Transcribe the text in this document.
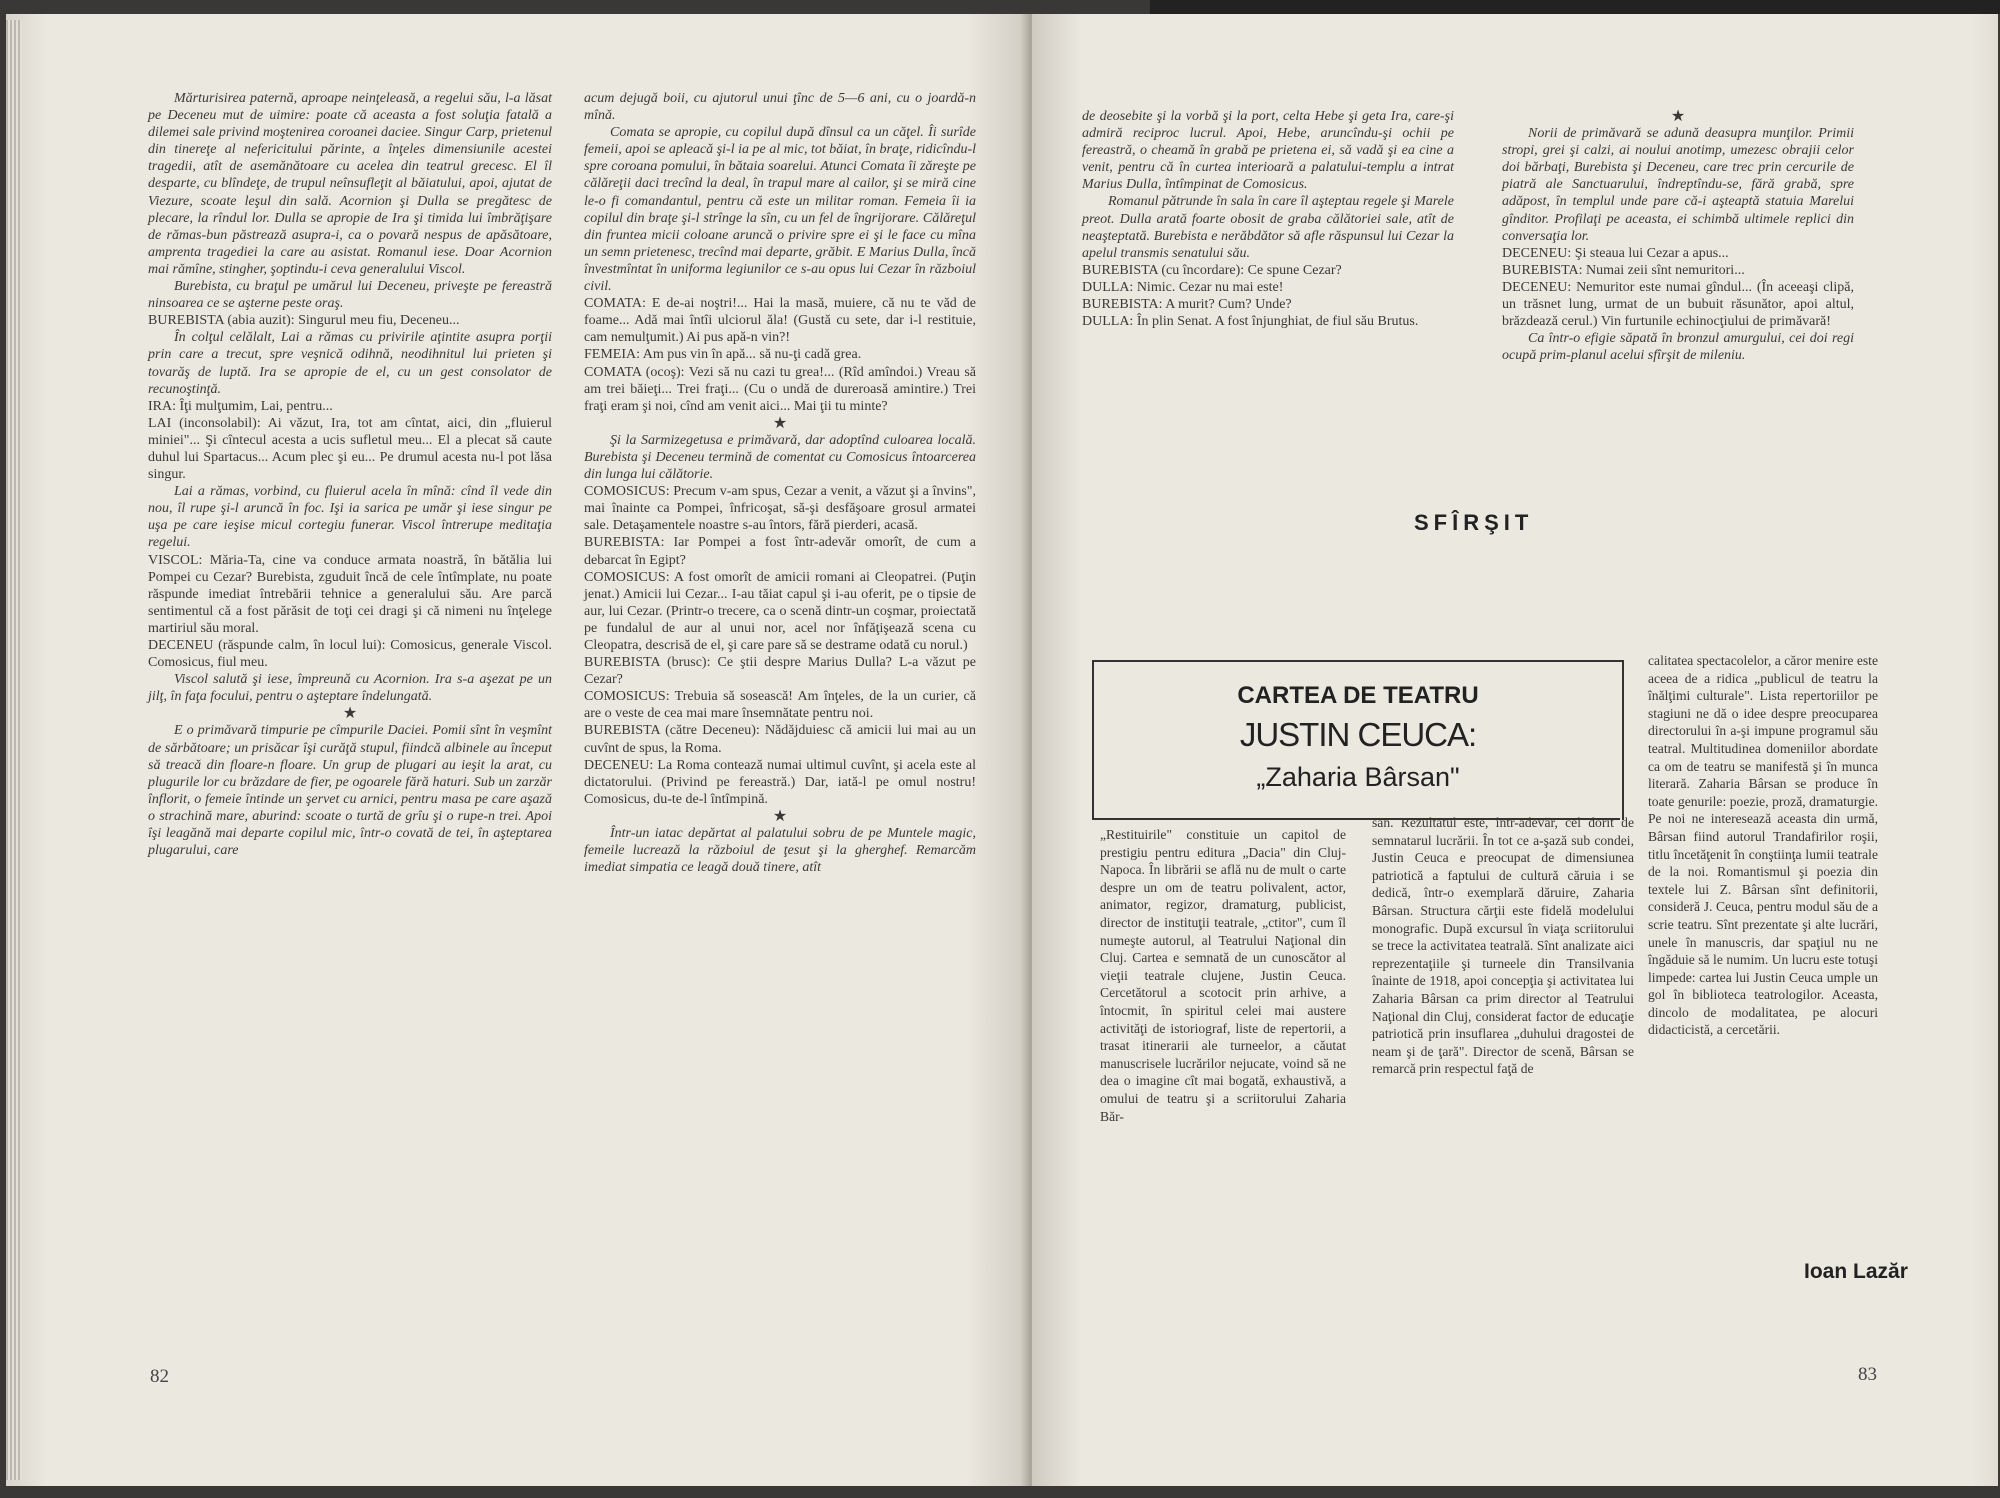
Mărturisirea paternă, aproape neinţeleasă, a regelui său, l-a lăsat pe Deceneu mut de uimire: poate că aceasta a fost soluţia fatală a dilemei sale privind moştenirea coroanei daciee. Singur Carp, prietenul din tinereţe al nefericitului părinte, a înţeles dimensiunile acestei tragedii, atît de asemănătoare cu acelea din teatrul grecesc. El îl desparte, cu blîndeţe, de trupul neînsufleţit al băiatului, apoi, ajutat de Viezure, scoate leşul din sală. Acornion şi Dulla se pregătesc de plecare, la rîndul lor. Dulla se apropie de Ira şi timida lui îmbrăţişare de rămas-bun păstrează asupra-i, ca o povară nespus de apăsătoare, amprenta tragediei la care au asistat. Romanul iese. Doar Acornion mai rămîne, stingher, şoptindu-i ceva generalului Viscol.

Burebista, cu braţul pe umărul lui Deceneu, priveşte pe fereastră ninsoarea ce se aşterne peste oraş.

BUREBISTA (abia auzit): Singurul meu fiu, Deceneu...

În colţul celălalt, Lai a rămas cu privirile aţintite asupra porţii prin care a trecut, spre veşnică odihnă, neodihnitul lui prieten şi tovarăş de luptă. Ira se apropie de el, cu un gest consolator de recunoştinţă.

IRA: Îţi mulţumim, Lai, pentru...

LAI (inconsolabil): Ai văzut, Ira, tot am cîntat, aici, din „fluierul miniei"... Şi cîntecul acesta a ucis sufletul meu... El a plecat să caute duhul lui Spartacus... Acum plec şi eu... Pe drumul acesta nu-l pot lăsa singur.

Lai a rămas, vorbind, cu fluierul acela în mînă: cînd îl vede din nou, îl rupe şi-l aruncă în foc. Işi ia sarica pe umăr şi iese singur pe uşa pe care ieşise micul cortegiu funerar. Viscol întrerupe meditaţia regelui.

VISCOL: Măria-Ta, cine va conduce armata noastră, în bătălia lui Pompei cu Cezar? Burebista, zguduit încă de cele întîmplate, nu poate răspunde imediat întrebării tehnice a generalului său. Are parcă sentimentul că a fost părăsit de toţi cei dragi şi că nimeni nu înţelege martiriul său moral.

DECENEU (răspunde calm, în locul lui): Comosicus, generale Viscol. Comosicus, fiul meu.

Viscol salută şi iese, împreună cu Acornion. Ira s-a aşezat pe un jilţ, în faţa focului, pentru o aşteptare îndelungată.

★

E o primăvară timpurie pe cîmpurile Daciei. Pomii sînt în veşmînt de sărbătoare; un prisăcar îşi curăţă stupul, fiindcă albinele au început să treacă din floare-n floare. Un grup de plugari au ieşit la arat, cu plugurile lor cu brăzdare de fier, pe ogoarele fără haturi. Sub un zarzăr înflorit, o femeie întinde un şervet cu arnici, pentru masa pe care aşază o strachină mare, aburind: scoate o turtă de grîu şi o rupe-n trei. Apoi îşi leagănă mai departe copilul mic, într-o covată de tei, în aşteptarea plugarului, care

acum dejugă boii, cu ajutorul unui ţînc de 5—6 ani, cu o joardă-n mînă.

Comata se apropie, cu copilul după dînsul ca un căţel. Îi surîde femeii, apoi se apleacă şi-l ia pe al mic, tot băiat, în braţe, ridicîndu-l spre coroana pomului, în bătaia soarelui. Atunci Comata îi zăreşte pe călăreţii daci trecînd la deal, în trapul mare al cailor, şi se miră cine le-o fi comandantul, pentru că este un militar roman. Femeia îi ia copilul din braţe şi-l strînge la sîn, cu un fel de îngrijorare. Călăreţul din fruntea micii coloane aruncă o privire spre ei şi le face cu mîna un semn prietenesc, trecînd mai departe, grăbit. E Marius Dulla, încă învestmîntat în uniforma legiunilor ce s-au opus lui Cezar în războiul civil.

COMATA: E de-ai noştri!... Hai la masă, muiere, că nu te văd de foame... Adă mai întîi ulciorul ăla! (Gustă cu sete, dar i-l restituie, cam nemulţumit.) Ai pus apă-n vin?!

FEMEIA: Am pus vin în apă... să nu-ţi cadă grea.

COMATA (ocoş): Vezi să nu cazi tu grea!... (Rîd amîndoi.) Vreau să am trei băieţi... Trei fraţi... (Cu o undă de dureroasă amintire.) Trei fraţi eram şi noi, cînd am venit aici... Mai ţii tu minte?

★

Şi la Sarmizegetusa e primăvară, dar adoptînd culoarea locală. Burebista şi Deceneu termină de comentat cu Comosicus întoarcerea din lunga lui călătorie.

COMOSICUS: Precum v-am spus, Cezar a venit, a văzut şi a învins", mai înainte ca Pompei, înfricoşat, să-şi desfăşoare grosul armatei sale. Detaşamentele noastre s-au întors, fără pierderi, acasă.

BUREBISTA: Iar Pompei a fost într-adevăr omorît, de cum a debarcat în Egipt?

COMOSICUS: A fost omorît de amicii romani ai Cleopatrei. (Puţin jenat.) Amicii lui Cezar... I-au tăiat capul şi i-au oferit, pe o tipsie de aur, lui Cezar. (Printr-o trecere, ca o scenă dintr-un coşmar, proiectată pe fundalul de aur al unui nor, acel nor înfăţişează scena cu Cleopatra, descrisă de el, şi care pare să se destrame odată cu norul.)

BUREBISTA (brusc): Ce ştii despre Marius Dulla? L-a văzut pe Cezar?

COMOSICUS: Trebuia să sosească! Am înţeles, de la un curier, că are o veste de cea mai mare însemnătate pentru noi.

BUREBISTA (către Deceneu): Nădăjduiesc că amicii lui mai au un cuvînt de spus, la Roma.

DECENEU: La Roma contează numai ultimul cuvînt, şi acela este al dictatorului. (Privind pe fereastră.) Dar, iată-l pe omul nostru! Comosicus, du-te de-l întîmpină.

★

Într-un iatac depărtat al palatului sobru de pe Muntele magic, femeile lucrează la războiul de ţesut şi la gherghef. Remarcăm imediat simpatia ce leagă două tinere, atît

82

de deosebite şi la vorbă şi la port, celta Hebe şi geta Ira, care-şi admiră reciproc lucrul. Apoi, Hebe, aruncîndu-şi ochii pe fereastră, o cheamă în grabă pe prietena ei, să vadă şi ea cine a venit, pentru că în curtea interioară a palatului-templu a intrat Marius Dulla, întîmpinat de Comosicus.

Romanul pătrunde în sala în care îl aşteptau regele şi Marele preot. Dulla arată foarte obosit de graba călătoriei sale, atît de neaşteptată. Burebista e nerăbdător să afle răspunsul lui Cezar la apelul transmis senatului său.

BUREBISTA (cu încordare): Ce spune Cezar?

DULLA: Nimic. Cezar nu mai este!

BUREBISTA: A murit? Cum? Unde?

DULLA: În plin Senat. A fost înjunghiat, de fiul său Brutus.

★

Norii de primăvară se adună deasupra munţilor. Primii stropi, grei şi calzi, ai noului anotimp, umezesc obrajii celor doi bărbaţi, Burebista şi Deceneu, care trec prin cercurile de piatră ale Sanctuarului, îndreptîndu-se, fără grabă, spre adăpost, în templul unde pare că-i aşteaptă statuia Marelui gînditor. Profilaţi pe aceasta, ei schimbă ultimele replici din conversaţia lor.

DECENEU: Şi steaua lui Cezar a apus...

BUREBISTA: Numai zeii sînt nemuritori...

DECENEU: Nemuritor este numai gîndul... (În aceeaşi clipă, un trăsnet lung, urmat de un bubuit răsunător, apoi altul, brăzdează cerul.) Vin furtunile echinocţiului de primăvară!

Ca într-o efigie săpată în bronzul amurgului, cei doi regi ocupă prim-planul acelui sfîrşit de mileniu.

SFÎRŞIT
CARTEA DE TEATRU
JUSTIN CEUCA:
„Zaharia Bârsan"
„Restituirile" constituie un capitol de prestigiu pentru editura „Dacia" din Cluj-Napoca. În librării se află nu de mult o carte despre un om de teatru polivalent, actor, animator, regizor, dramaturg, publicist, director de instituţii teatrale, „ctitor", cum îl numeşte autorul, al Teatrului Naţional din Cluj. Cartea e semnată de un cunoscător al vieţii teatrale clujene, Justin Ceuca. Cercetătorul a scotocit prin arhive, a întocmit, în spiritul celei mai austere activităţi de istoriograf, liste de repertorii, a trasat itinerarii ale turneelor, a căutat manuscrisele lucrărilor nejucate, voind să ne dea o imagine cît mai bogată, exhaustivă, a omului de teatru şi a scriitorului Zaharia Băr-
san. Rezultatul este, într-adevăr, cel dorit de semnatarul lucrării. În tot ce a-şază sub condei, Justin Ceuca e preocupat de dimensiunea patriotică a faptului de cultură căruia i se dedică, într-o exemplară dăruire, Zaharia Bârsan. Structura cărţii este fidelă modelului monografic. După excursul în viaţa scriitorului se trece la activitatea teatrală. Sînt analizate aici reprezentaţiile şi turneele din Transilvania înainte de 1918, apoi concepţia şi activitatea lui Zaharia Bârsan ca prim director al Teatrului Naţional din Cluj, considerat factor de educaţie patriotică prin insuflarea „duhului dragostei de neam şi de ţară". Director de scenă, Bârsan se remarcă prin respectul faţă de
calitatea spectacolelor, a căror menire este aceea de a ridica „publicul de teatru la înălţimi culturale". Lista repertoriilor pe stagiuni ne dă o idee despre preocuparea directorului în a-şi impune programul său teatral. Multitudinea domeniilor abordate ca om de teatru se manifestă şi în munca literară. Zaharia Bârsan se produce în toate genurile: poezie, proză, dramaturgie. Pe noi ne interesează aceasta din urmă, Bârsan fiind autorul Trandafirilor roşii, titlu încetăţenit în conştiinţa lumii teatrale de la noi. Romantismul şi poezia din textele lui Z. Bârsan sînt definitorii, consideră J. Ceuca, pentru modul său de a scrie teatru. Sînt prezentate şi alte lucrări, unele în manuscris, dar spaţiul nu ne îngăduie să le numim. Un lucru este totuşi limpede: cartea lui Justin Ceuca umple un gol în biblioteca teatrologilor. Aceasta, dincolo de modalitatea, pe alocuri didacticistă, a cercetării.
Ioan Lazăr
83
